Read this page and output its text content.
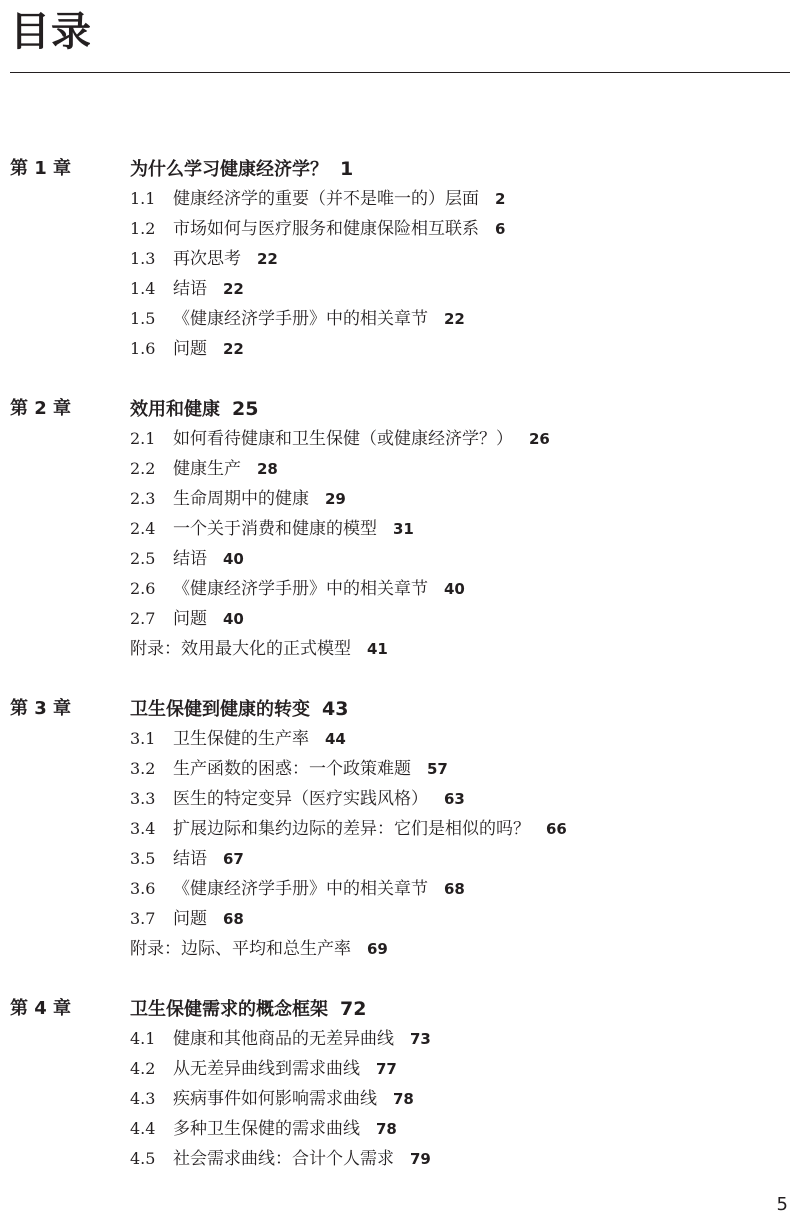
目录
第 1 章	为什么学习健康经济学？ 1
1.1 健康经济学的重要（并不是唯一的）层面 2
1.2 市场如何与医疗服务和健康保险相互联系 6
1.3 再次思考 22
1.4 结语 22
1.5 《健康经济学手册》中的相关章节 22
1.6 问题 22
第 2 章	效用和健康 25
2.1 如何看待健康和卫生保健（或健康经济学？） 26
2.2 健康生产 28
2.3 生命周期中的健康 29
2.4 一个关于消费和健康的模型 31
2.5 结语 40
2.6 《健康经济学手册》中的相关章节 40
2.7 问题 40
附录：效用最大化的正式模型 41
第 3 章	卫生保健到健康的转变 43
3.1 卫生保健的生产率 44
3.2 生产函数的困惑：一个政策难题 57
3.3 医生的特定变异（医疗实践风格） 63
3.4 扩展边际和集约边际的差异：它们是相似的吗？ 66
3.5 结语 67
3.6 《健康经济学手册》中的相关章节 68
3.7 问题 68
附录：边际、平均和总生产率 69
第 4 章	卫生保健需求的概念框架 72
4.1 健康和其他商品的无差异曲线 73
4.2 从无差异曲线到需求曲线 77
4.3 疾病事件如何影响需求曲线 78
4.4 多种卫生保健的需求曲线 78
4.5 社会需求曲线：合计个人需求 79
5
